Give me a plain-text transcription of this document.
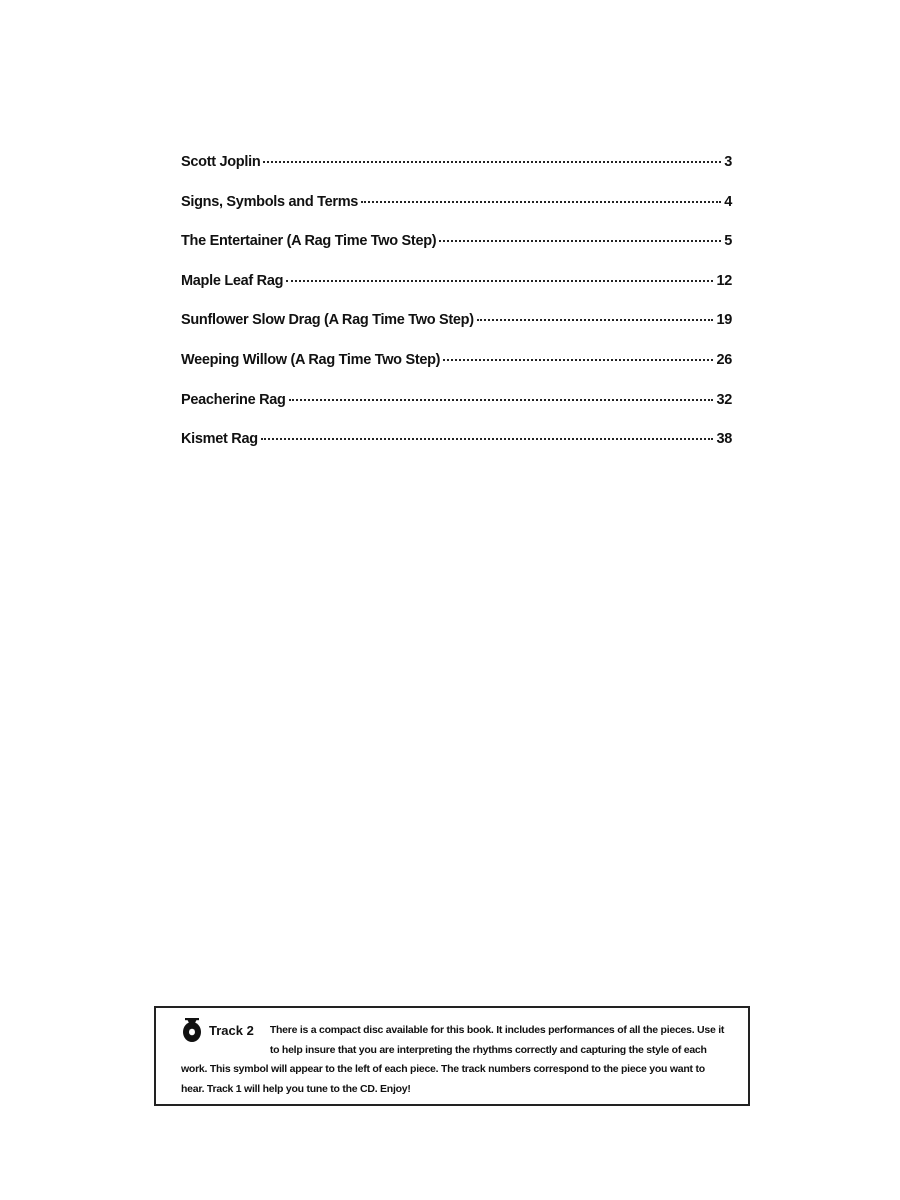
Scott Joplin	3
Signs, Symbols and Terms	4
The Entertainer (A Rag Time Two Step)	5
Maple Leaf Rag	12
Sunflower Slow Drag (A Rag Time Two Step)	19
Weeping Willow (A Rag Time Two Step)	26
Peacherine Rag	32
Kismet Rag	38
Track 2	There is a compact disc available for this book. It includes performances of all the pieces. Use it to help insure that you are interpreting the rhythms correctly and capturing the style of each work. This symbol will appear to the left of each piece. The track numbers correspond to the piece you want to hear. Track 1 will help you tune to the CD. Enjoy!
